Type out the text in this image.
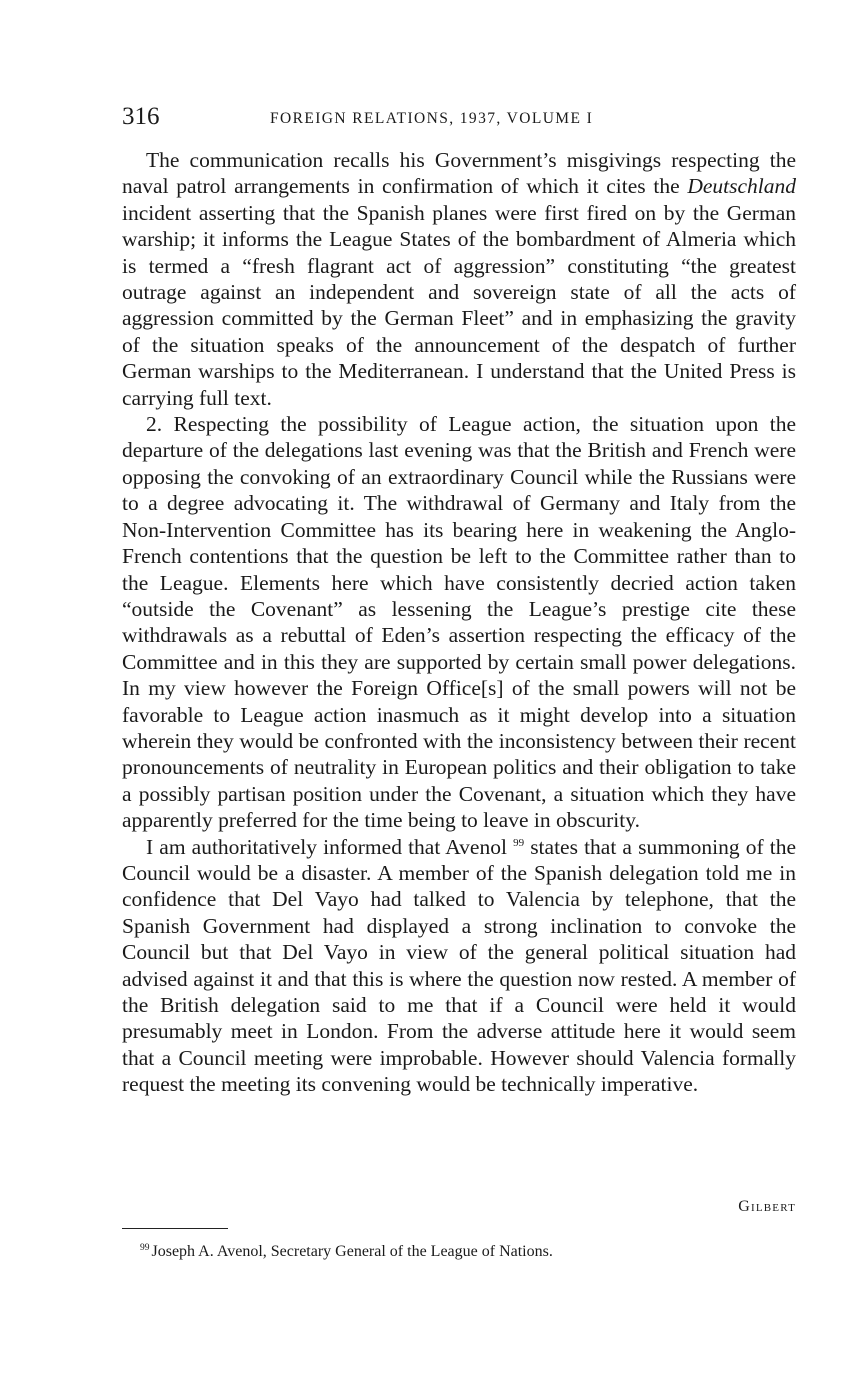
316	FOREIGN RELATIONS, 1937, VOLUME I

The communication recalls his Government’s misgivings respecting the naval patrol arrangements in confirmation of which it cites the Deutschland incident asserting that the Spanish planes were first fired on by the German warship; it informs the League States of the bombardment of Almeria which is termed a “fresh flagrant act of aggression” constituting “the greatest outrage against an independent and sovereign state of all the acts of aggression committed by the German Fleet” and in emphasizing the gravity of the situation speaks of the announcement of the despatch of further German warships to the Mediterranean. I understand that the United Press is carrying full text.

2. Respecting the possibility of League action, the situation upon the departure of the delegations last evening was that the British and French were opposing the convoking of an extraordinary Council while the Russians were to a degree advocating it. The withdrawal of Germany and Italy from the Non-Intervention Committee has its bearing here in weakening the Anglo-French contentions that the question be left to the Committee rather than to the League. Elements here which have consistently decried action taken “outside the Covenant” as lessening the League’s prestige cite these withdrawals as a rebuttal of Eden’s assertion respecting the efficacy of the Committee and in this they are supported by certain small power delegations. In my view however the Foreign Office[s] of the small powers will not be favorable to League action inasmuch as it might develop into a situation wherein they would be confronted with the inconsistency between their recent pronouncements of neutrality in European politics and their obligation to take a possibly partisan position under the Covenant, a situation which they have apparently preferred for the time being to leave in obscurity.

I am authoritatively informed that Avenol $^{99}$ states that a summoning of the Council would be a disaster. A member of the Spanish delegation told me in confidence that Del Vayo had talked to Valencia by telephone, that the Spanish Government had displayed a strong inclination to convoke the Council but that Del Vayo in view of the general political situation had advised against it and that this is where the question now rested. A member of the British delegation said to me that if a Council were held it would presumably meet in London. From the adverse attitude here it would seem that a Council meeting were improbable. However should Valencia formally request the meeting its convening would be technically imperative.

Gilbert
$^{99}$ Joseph A. Avenol, Secretary General of the League of Nations.
